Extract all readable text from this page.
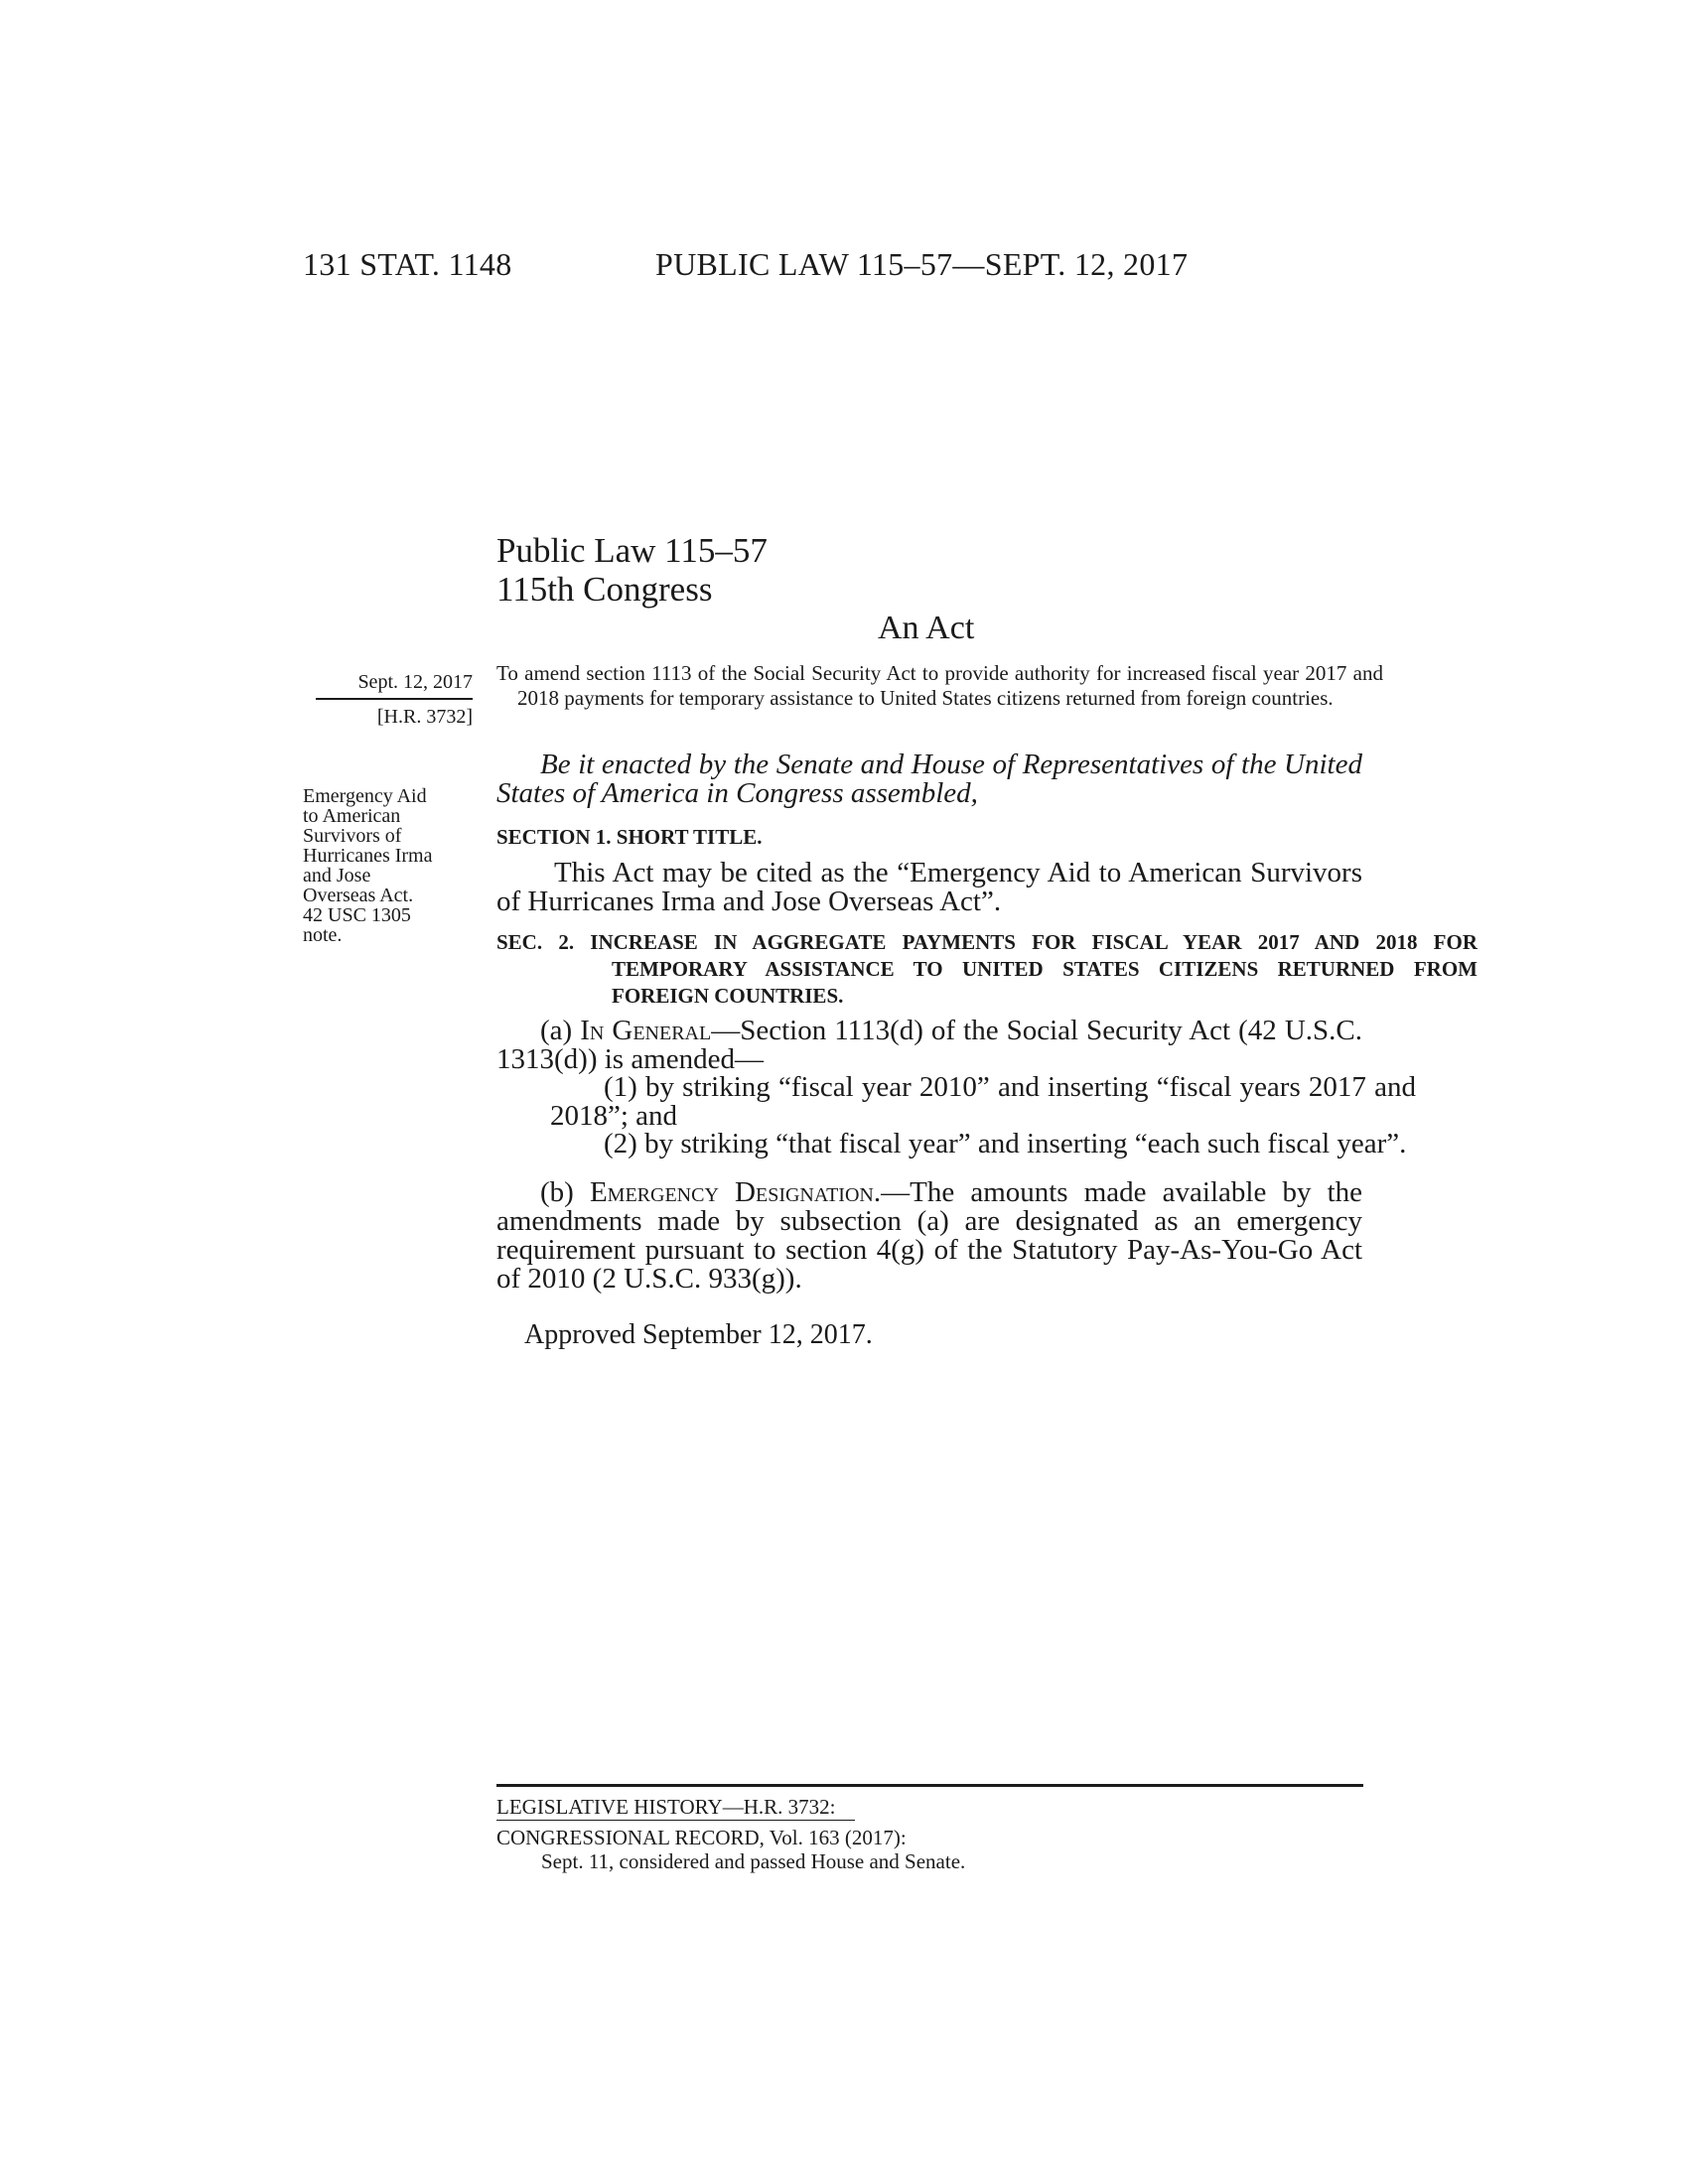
131 STAT. 1148	PUBLIC LAW 115–57—SEPT. 12, 2017
Public Law 115–57
115th Congress
An Act
Sept. 12, 2017
[H.R. 3732]
Emergency Aid
to American
Survivors of
Hurricanes Irma
and Jose
Overseas Act.
42 USC 1305
note.
To amend section 1113 of the Social Security Act to provide authority for increased fiscal year 2017 and 2018 payments for temporary assistance to United States citizens returned from foreign countries.
Be it enacted by the Senate and House of Representatives of the United States of America in Congress assembled,
SECTION 1. SHORT TITLE.
This Act may be cited as the “Emergency Aid to American Survivors of Hurricanes Irma and Jose Overseas Act”.
SEC. 2. INCREASE IN AGGREGATE PAYMENTS FOR FISCAL YEAR 2017 AND 2018 FOR TEMPORARY ASSISTANCE TO UNITED STATES CITIZENS RETURNED FROM FOREIGN COUNTRIES.
(a) In General—Section 1113(d) of the Social Security Act (42 U.S.C. 1313(d)) is amended—
(1) by striking “fiscal year 2010” and inserting “fiscal years 2017 and 2018”; and
(2) by striking “that fiscal year” and inserting “each such fiscal year”.
(b) Emergency Designation.—The amounts made available by the amendments made by subsection (a) are designated as an emergency requirement pursuant to section 4(g) of the Statutory Pay-As-You-Go Act of 2010 (2 U.S.C. 933(g)).
Approved September 12, 2017.
LEGISLATIVE HISTORY—H.R. 3732:
CONGRESSIONAL RECORD, Vol. 163 (2017):
Sept. 11, considered and passed House and Senate.
